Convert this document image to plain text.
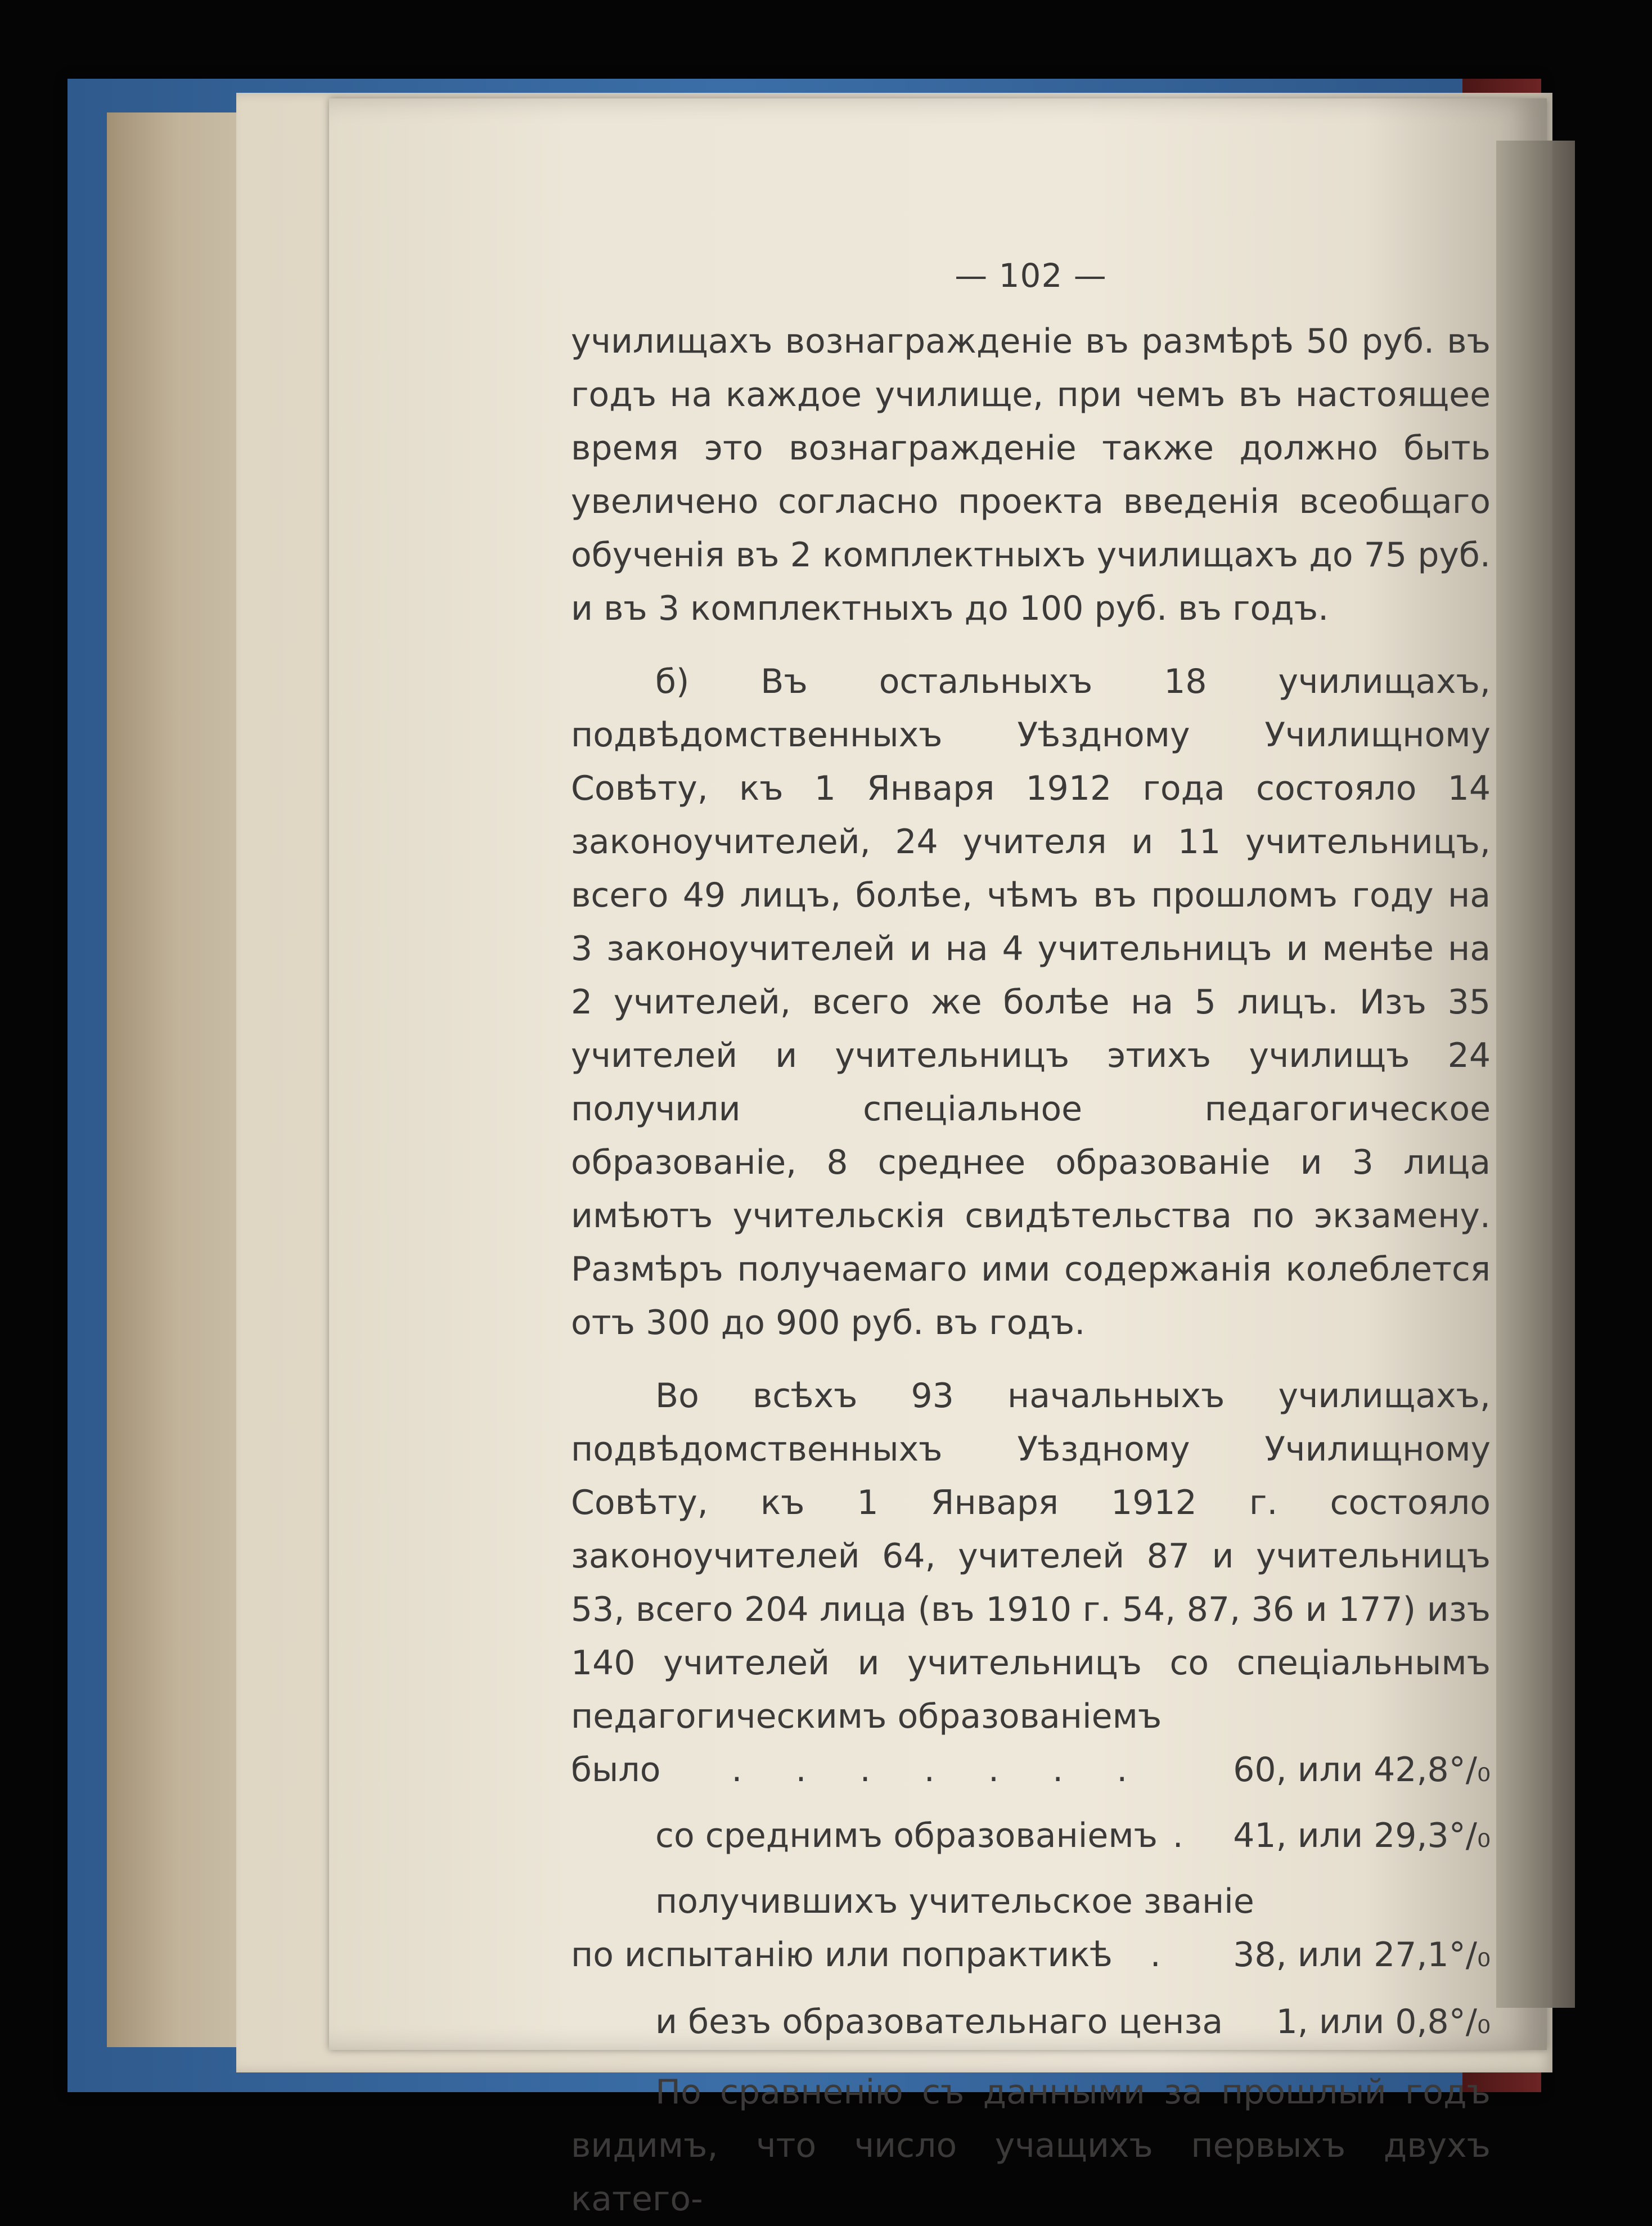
— 102 —

училищахъ вознагражденіе въ размѣрѣ 50 руб. въ годъ на каждое училище, при чемъ въ настоящее время это вознагражденіе также должно быть увеличено согласно проекта введенія всеобщаго обученія въ 2 комплектныхъ училищахъ до 75 руб. и въ 3 комплектныхъ до 100 руб. въ годъ.

б) Въ остальныхъ 18 училищахъ, подвѣдомственныхъ Уѣздному Училищному Совѣту, къ 1 Января 1912 года состояло 14 законоучителей, 24 учителя и 11 учительницъ, всего 49 лицъ, болѣе, чѣмъ въ прошломъ году на 3 законоучителей и на 4 учительницъ и менѣе на 2 учителей, всего же болѣе на 5 лицъ. Изъ 35 учителей и учительницъ этихъ училищъ 24 получили спеціальное педагогическое образованіе, 8 среднее образованіе и 3 лица имѣютъ учительскія свидѣтельства по экзамену. Размѣръ получаемаго ими содержанія колеблется отъ 300 до 900 руб. въ годъ.

Во всѣхъ 93 начальныхъ училищахъ, подвѣдомственныхъ Уѣздному Училищному Совѣту, къ 1 Января 1912 г. состояло законоучителей 64, учителей 87 и учительницъ 53, всего 204 лица (въ 1910 г. 54, 87, 36 и 177) изъ 140 учителей и учительницъ со спеціальнымъ педагогическимъ образованіемъ

было	. . . . . . .	60, или 42,8°/₀
со среднимъ образованіемъ . 41, или 29,3°/₀
получившихъ учительское званіе
по испытанію или попрактикѣ	.	38, или 27,1°/₀
и безъ образовательнаго ценза 1, или 0,8°/₀

По сравненію съ данными за прошлый годъ видимъ, что число учащихъ первыхъ двухъ катего-
